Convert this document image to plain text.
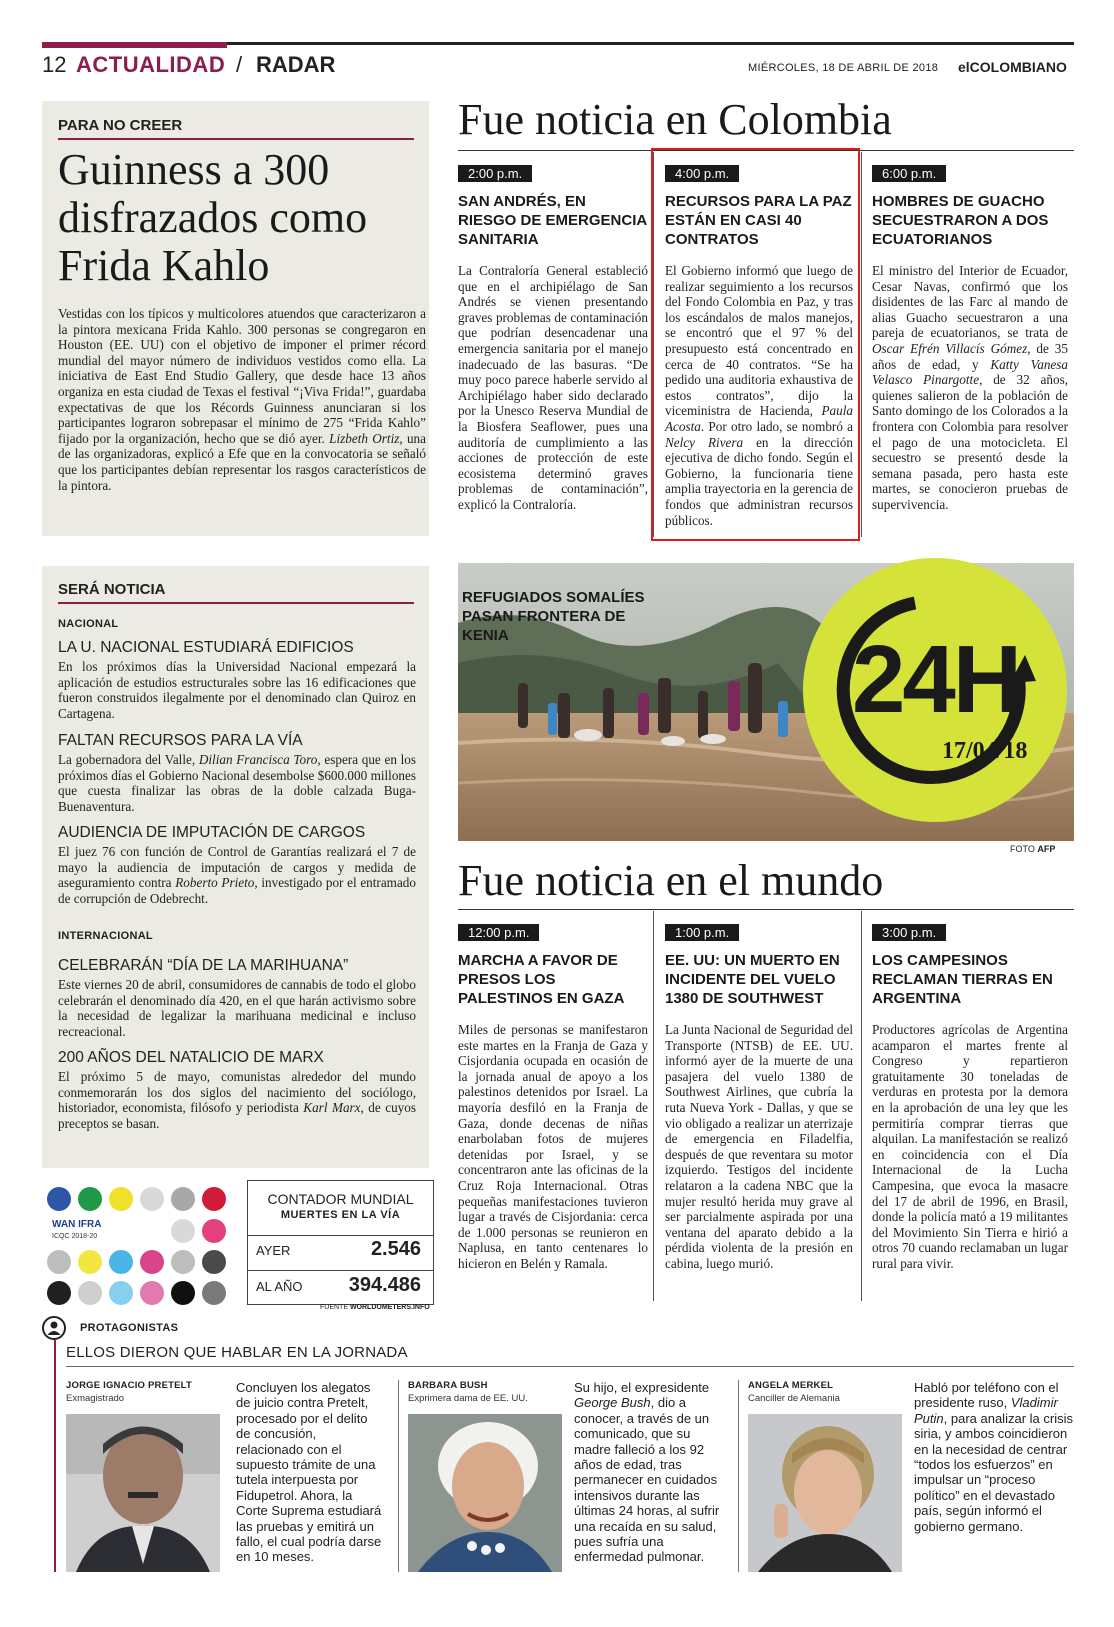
12 ACTUALIDAD / RADAR	MIÉRCOLES, 18 DE ABRIL DE 2018 elCOLOMBIANO
PARA NO CREER
Guinness a 300 disfrazados como Frida Kahlo
Vestidas con los típicos y multicolores atuendos que caracterizaron a la pintora mexicana Frida Kahlo. 300 personas se congregaron en Houston (EE. UU) con el objetivo de imponer el primer récord mundial del mayor número de individuos vestidos como ella. La iniciativa de East End Studio Gallery, que desde hace 13 años organiza en esta ciudad de Texas el festival “¡Viva Frida!”, guardaba expectativas de que los Récords Guinness anunciaran si los participantes lograron sobrepasar el mínimo de 275 “Frida Kahlo” fijado por la organización, hecho que se dió ayer. Lizbeth Ortiz, una de las organizadoras, explicó a Efe que en la convocatoria se señaló que los participantes debían representar los rasgos característicos de la pintora.
SERÁ NOTICIA
NACIONAL
LA U. NACIONAL ESTUDIARÁ EDIFICIOS
En los próximos días la Universidad Nacional empezará la aplicación de estudios estructurales sobre las 16 edificaciones que fueron construidos ilegalmente por el denominado clan Quiroz en Cartagena.
FALTAN RECURSOS PARA LA VÍA
La gobernadora del Valle, Dilian Francisca Toro, espera que en los próximos días el Gobierno Nacional desembolse $600.000 millones que cuesta finalizar las obras de la doble calzada Buga-Buenaventura.
AUDIENCIA DE IMPUTACIÓN DE CARGOS
El juez 76 con función de Control de Garantías realizará el 7 de mayo la audiencia de imputación de cargos y medida de aseguramiento contra Roberto Prieto, investigado por el entramado de corrupción de Odebrecht.
INTERNACIONAL
CELEBRARÁN “DÍA DE LA MARIHUANA”
Este viernes 20 de abril, consumidores de cannabis de todo el globo celebrarán el denominado día 420, en el que harán activismo sobre la necesidad de legalizar la marihuana medicinal e incluso recreacional.
200 AÑOS DEL NATALICIO DE MARX
El próximo 5 de mayo, comunistas alrededor del mundo conmemorarán los dos siglos del nacimiento del sociólogo, historiador, economista, filósofo y periodista Karl Marx, de cuyos preceptos se basan.
Fue noticia en Colombia
2:00 p.m.
SAN ANDRÉS, EN RIESGO DE EMERGENCIA SANITARIA
La Contraloría General estableció que en el archipiélago de San Andrés se vienen presentando graves problemas de contaminación que podrían desencadenar una emergencia sanitaria por el manejo inadecuado de las basuras. “De muy poco parece haberle servido al Archipiélago haber sido declarado por la Unesco Reserva Mundial de la Biosfera Seaflower, pues una auditoría de cumplimiento a las acciones de protección de este ecosistema determinó graves problemas de contaminación”, explicó la Contraloría.
4:00 p.m.
RECURSOS PARA LA PAZ ESTÁN EN CASI 40 CONTRATOS
El Gobierno informó que luego de realizar seguimiento a los recursos del Fondo Colombia en Paz, y tras los escándalos de malos manejos, se encontró que el 97 % del presupuesto está concentrado en cerca de 40 contratos. “Se ha pedido una auditoria exhaustiva de estos contratos”, dijo la viceministra de Hacienda, Paula Acosta. Por otro lado, se nombró a Nelcy Rivera en la dirección ejecutiva de dicho fondo. Según el Gobierno, la funcionaria tiene amplia trayectoria en la gerencia de fondos que administran recursos públicos.
6:00 p.m.
HOMBRES DE GUACHO SECUESTRARON A DOS ECUATORIANOS
El ministro del Interior de Ecuador, Cesar Navas, confirmó que los disidentes de las Farc al mando de alias Guacho secuestraron a una pareja de ecuatorianos, se trata de Oscar Efrén Villacís Gómez, de 35 años de edad, y Katty Vanesa Velasco Pinargotte, de 32 años, quienes salieron de la población de Santo domingo de los Colorados a la frontera con Colombia para resolver el pago de una motocicleta. El secuestro se presentó desde la semana pasada, pero hasta este martes, se conocieron pruebas de supervivencia.
REFUGIADOS SOMALÍES PASAN FRONTERA DE KENIA	24H
17/04/18
FOTO AFP
Fue noticia en el mundo
12:00 p.m.
MARCHA A FAVOR DE PRESOS LOS PALESTINOS EN GAZA
Miles de personas se manifestaron este martes en la Franja de Gaza y Cisjordania ocupada en ocasión de la jornada anual de apoyo a los palestinos detenidos por Israel. La mayoría desfiló en la Franja de Gaza, donde decenas de niñas enarbolaban fotos de mujeres detenidas por Israel, y se concentraron ante las oficinas de la Cruz Roja Internacional. Otras pequeñas manifestaciones tuvieron lugar a través de Cisjordania: cerca de 1.000 personas se reunieron en Naplusa, en tanto centenares lo hicieron en Belén y Ramala.
1:00 p.m.
EE. UU: UN MUERTO EN INCIDENTE DEL VUELO 1380 DE SOUTHWEST
La Junta Nacional de Seguridad del Transporte (NTSB) de EE. UU. informó ayer de la muerte de una pasajera del vuelo 1380 de Southwest Airlines, que cubría la ruta Nueva York - Dallas, y que se vio obligado a realizar un aterrizaje de emergencia en Filadelfia, después de que reventara su motor izquierdo. Testigos del incidente relataron a la cadena NBC que la mujer resultó herida muy grave al ser parcialmente aspirada por una ventana del aparato debido a la pérdida violenta de la presión en cabina, luego murió.
3:00 p.m.
LOS CAMPESINOS RECLAMAN TIERRAS EN ARGENTINA
Productores agrícolas de Argentina acamparon el martes frente al Congreso y repartieron gratuitamente 30 toneladas de verduras en protesta por la demora en la aprobación de una ley que les permitiría comprar tierras que alquilan. La manifestación se realizó en coincidencia con el Día Internacional de la Lucha Campesina, que evoca la masacre del 17 de abril de 1996, en Brasil, donde la policía mató a 19 militantes del Movimiento Sin Tierra e hirió a otros 70 cuando reclamaban un lugar rural para vivir.
WAN IFRA
ICQC 2018-20
CONTADOR MUNDIAL
MUERTES EN LA VÍA
AYER	2.546
AL AÑO 394.486
FUENTE WORLDOMETERS.INFO
PROTAGONISTAS
ELLOS DIERON QUE HABLAR EN LA JORNADA
JORGE IGNACIO PRETELT
Exmagistrado
Concluyen los alegatos de juicio contra Pretelt, procesado por el delito de concusión, relacionado con el supuesto trámite de una tutela interpuesta por Fidupetrol. Ahora, la Corte Suprema estudiará las pruebas y emitirá un fallo, el cual podría darse en 10 meses.
BARBARA BUSH
Exprimera dama de EE. UU.
Su hijo, el expresidente George Bush, dio a conocer, a través de un comunicado, que su madre falleció a los 92 años de edad, tras permanecer en cuidados intensivos durante las últimas 24 horas, al sufrir una recaída en su salud, pues sufría una enfermedad pulmonar.
ANGELA MERKEL
Canciller de Alemania
Habló por teléfono con el presidente ruso, Vladimir Putin, para analizar la crisis siria, y ambos coincidieron en la necesidad de centrar “todos los esfuerzos” en impulsar un “proceso político” en el devastado país, según informó el gobierno germano.
